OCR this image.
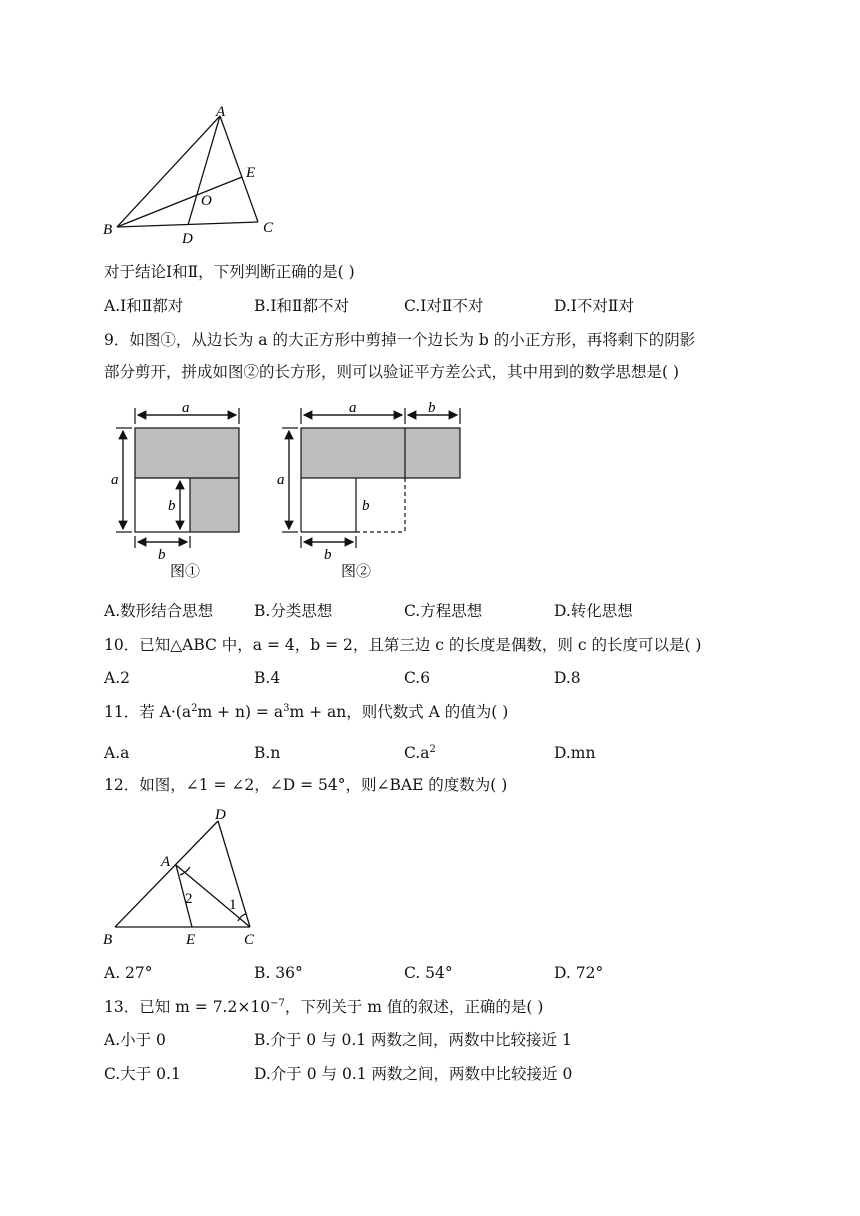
A
B	C
D
E
O
对于结论Ⅰ和Ⅱ，下列判断正确的是( )
A.Ⅰ和Ⅱ都对	B.Ⅰ和Ⅱ都不对	C.Ⅰ对Ⅱ不对	D.Ⅰ不对Ⅱ对
9．如图①，从边长为 a 的大正方形中剪掉一个边长为 b 的小正方形，再将剩下的阴影
部分剪开，拼成如图②的长方形，则可以验证平方差公式，其中用到的数学思想是( )
a
a
b
b
图①
a	b
a
b
b
图②
A.数形结合思想	B.分类思想	C.方程思想	D.转化思想
10．已知△ABC 中，a = 4，b = 2，且第三边 c 的长度是偶数，则 c 的长度可以是( )
A.2	B.4	C.6	D.8
11．若 $A\cdot(a^2m + n) = a^3m$ + an，则代数式 A 的值为( )
A.a	B.n	$C.a^2$	D.mn
12．如图，∠1 = ∠2，∠D = 54°，则∠BAE 的度数为( )
A
B	C
D
E
2 1
A. 27°	B. 36°	C. 54°	D. 72°
13．已知 $m = 7.2\times 10^{-7}$，下列关于 m 值的叙述，正确的是( )
A.小于 0	B.介于 0 与 0.1 两数之间，两数中比较接近 1
C.大于 0.1	D.介于 0 与 0.1 两数之间，两数中比较接近 0
